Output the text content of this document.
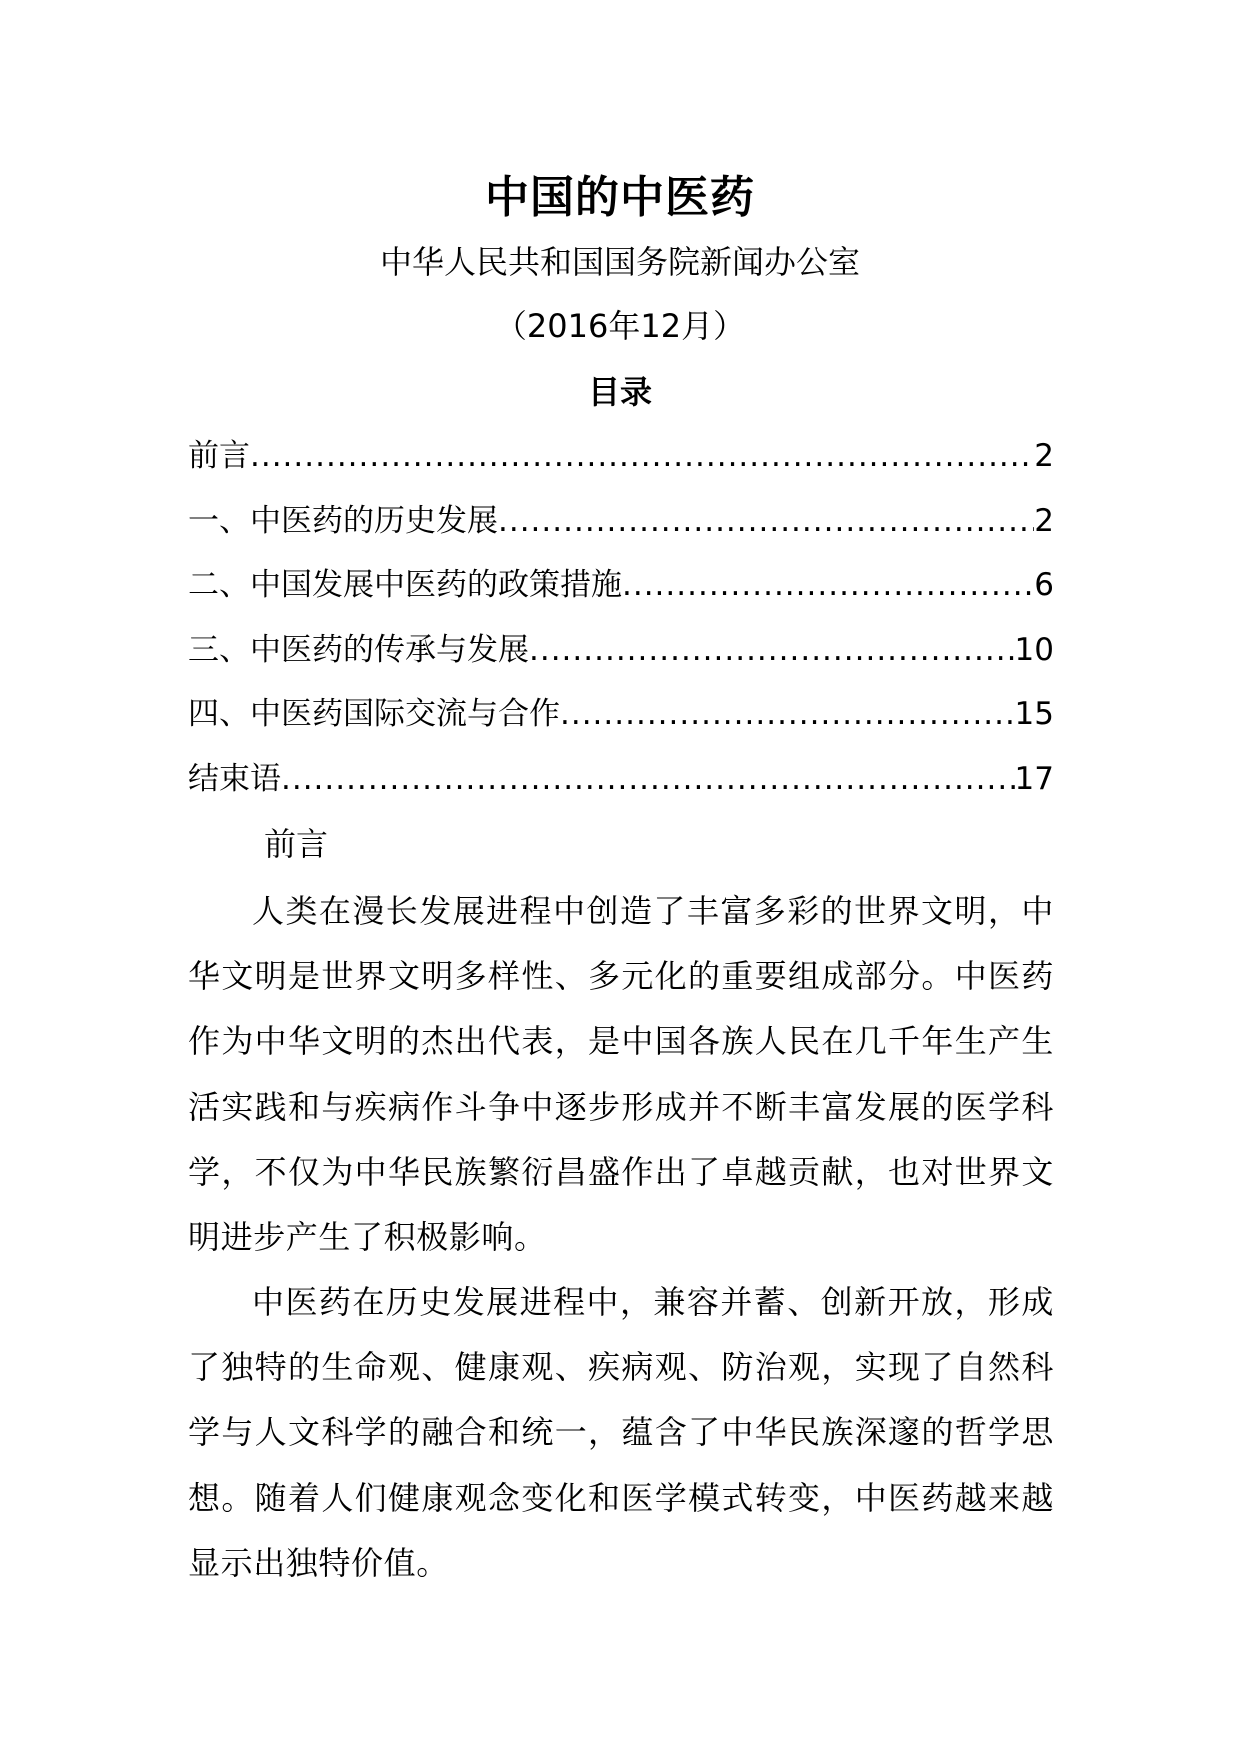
中国的中医药
中华人民共和国国务院新闻办公室
（2016年12月）
目录
前言 .....	2
一、中医药的历史发展 .....	2
二、中国发展中医药的政策措施 .....	6
三、中医药的传承与发展 .....	10
四、中医药国际交流与合作 .....	15
结束语 .....	17
前言

人类在漫长发展进程中创造了丰富多彩的世界文明，中华文明是世界文明多样性、多元化的重要组成部分。中医药作为中华文明的杰出代表，是中国各族人民在几千年生产生活实践和与疾病作斗争中逐步形成并不断丰富发展的医学科学，不仅为中华民族繁衍昌盛作出了卓越贡献，也对世界文明进步产生了积极影响。

中医药在历史发展进程中，兼容并蓄、创新开放，形成了独特的生命观、健康观、疾病观、防治观，实现了自然科学与人文科学的融合和统一，蕴含了中华民族深邃的哲学思想。随着人们健康观念变化和医学模式转变，中医药越来越显示出独特价值。
